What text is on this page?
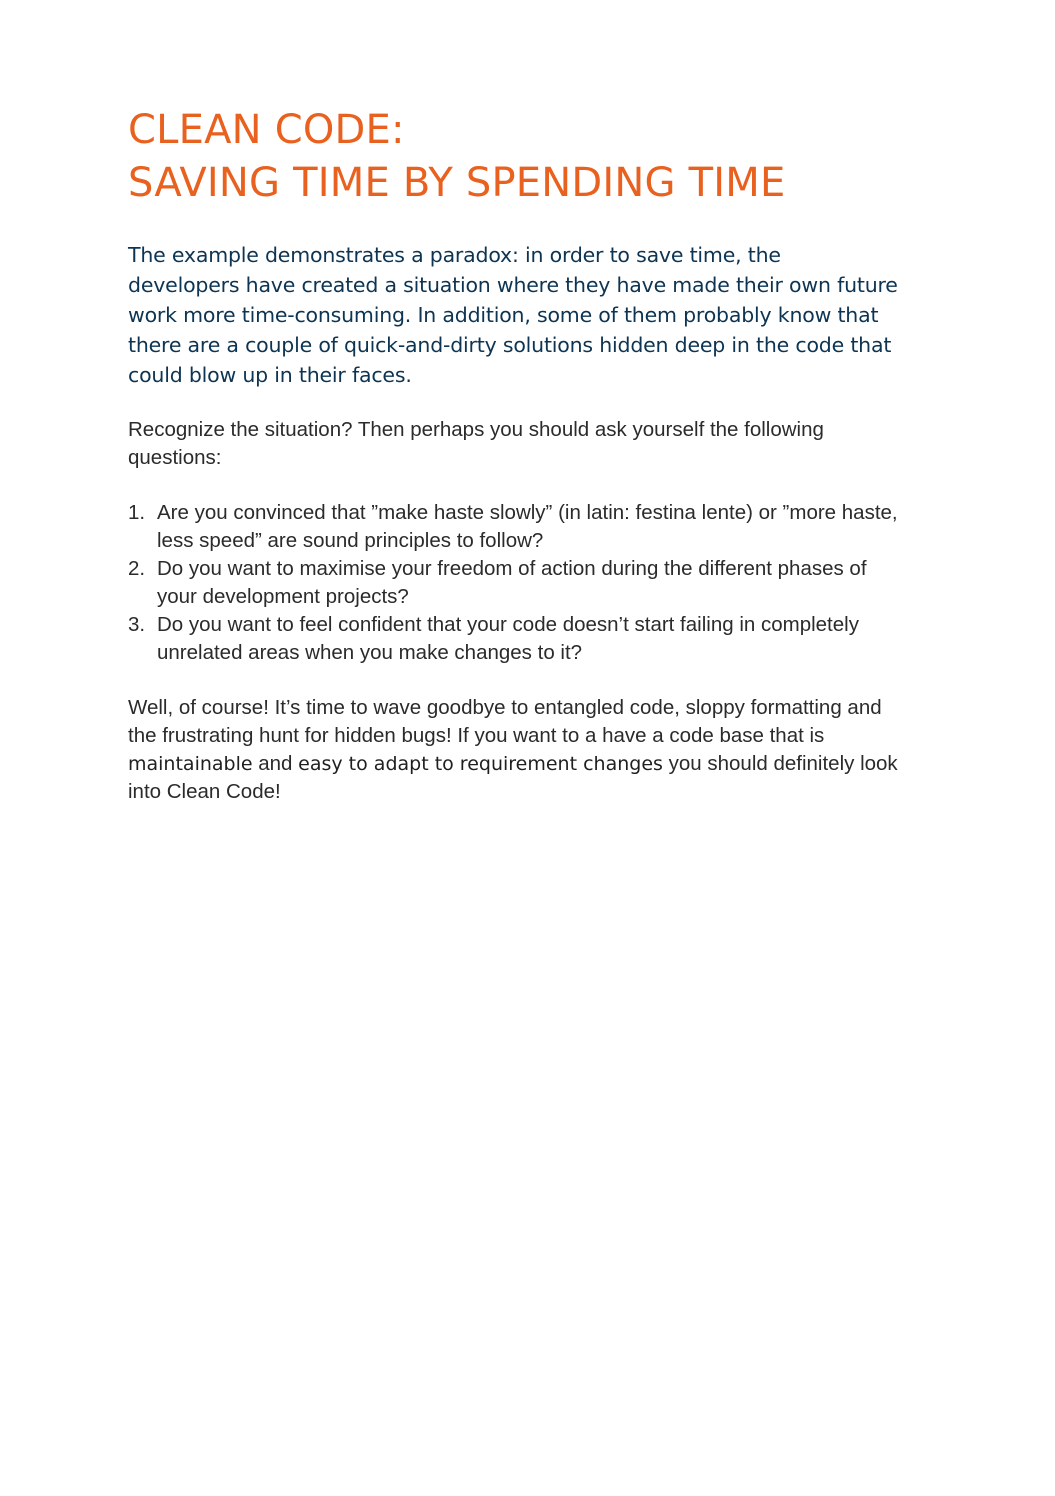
CLEAN CODE:
SAVING TIME BY SPENDING TIME

The example demonstrates a paradox: in order to save time, the developers have created a situation where they have made their own future work more time-consuming. In addition, some of them probably know that there are a couple of quick-and-dirty solutions hidden deep in the code that could blow up in their faces.

Recognize the situation? Then perhaps you should ask yourself the following questions:

1. Are you convinced that ”make haste slowly” (in latin: festina lente) or ”more haste, less speed” are sound principles to follow?
2. Do you want to maximise your freedom of action during the different phases of your development projects?
3. Do you want to feel confident that your code doesn’t start failing in completely unrelated areas when you make changes to it?

Well, of course! It’s time to wave goodbye to entangled code, sloppy formatting and the frustrating hunt for hidden bugs! If you want to a have a code base that is maintainable and easy to adapt to requirement changes you should definitely look into Clean Code!
